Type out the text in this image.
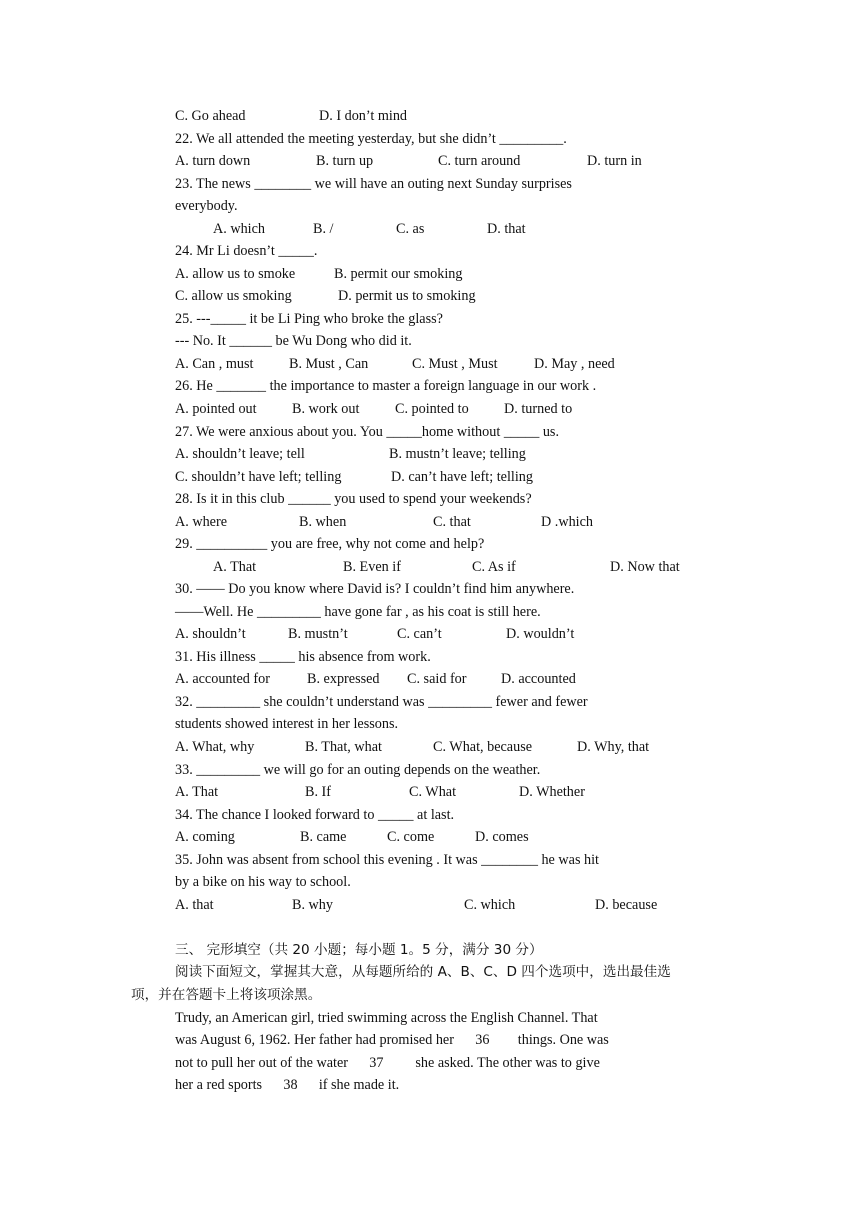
C. Go ahead	D. I don’t mind
22. We all attended the meeting yesterday, but she didn’t _________.
A. turn down	B. turn up	C. turn around	D. turn in
23. The news ________ we will have an outing next Sunday surprises
everybody.
A. which	B. /	C. as	D. that
24. Mr Li doesn’t _____.
A. allow us to smoke	B. permit our smoking
C. allow us smoking	D. permit us to smoking
25. ---_____ it be Li Ping who broke the glass?
--- No. It ______ be Wu Dong who did it.
A. Can , must	B. Must , Can	C. Must , Must	D. May , need
26. He _______ the importance to master a foreign language in our work .
A. pointed out B. work out	C. pointed to D. turned to
27. We were anxious about you. You _____home without _____ us.
A. shouldn’t leave; tell	B. mustn’t leave; telling
C. shouldn’t have left; telling	D. can’t have left; telling
28. Is it in this club ______ you used to spend your weekends?
A. where	B. when	C. that	D .which
29. __________ you are free, why not come and help?
A. That	B. Even if	C. As if	D. Now that
30. —— Do you know where David is? I couldn’t find him anywhere.
——Well. He _________ have gone far , as his coat is still here.
A. shouldn’t	B. mustn’t	C. can’t	D. wouldn’t
31. His illness _____ his absence from work.
A. accounted for	B. expressed C. said for D. accounted
32. _________ she couldn’t understand was _________ fewer and fewer
students showed interest in her lessons.
A. What, why	B. That, what	C. What, because	D. Why, that
33. _________ we will go for an outing depends on the weather.
A. That	B. If	C. What	D. Whether
34. The chance I looked forward to _____ at last.
A. coming	B. came	C. come	D. comes
35. John was absent from school this evening . It was ________ he was hit
by a bike on his way to school.
A. that	B. why	C. which	D. because
三、 完形填空（共 20 小题；每小题 1。5 分，满分 30 分）
阅读下面短文，掌握其大意，从每题所给的 A、B、C、D 四个选项中，选出最佳选
项，并在答题卡上将该项涂黑。
Trudy, an American girl, tried swimming across the English Channel. That
was August 6, 1962. Her father had promised her      36        things. One was
not to pull her out of the water      37         she asked. The other was to give
her a red sports      38      if she made it.
